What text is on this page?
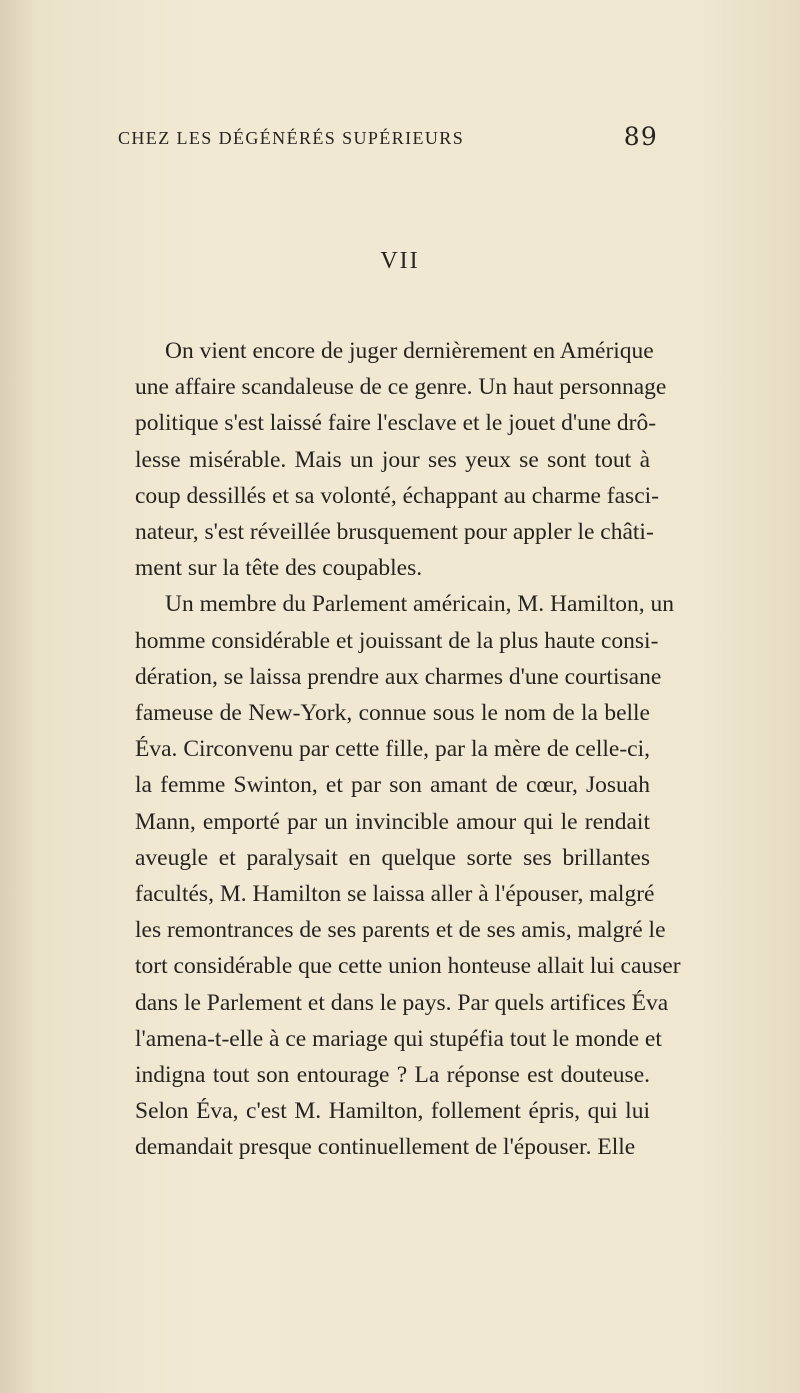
CHEZ LES DÉGÉNÉRÉS SUPÉRIEURS	89
VII
On vient encore de juger dernièrement en Amérique
une affaire scandaleuse de ce genre. Un haut personnage
politique s'est laissé faire l'esclave et le jouet d'une drô-
lesse misérable. Mais un jour ses yeux se sont tout à
coup dessillés et sa volonté, échappant au charme fasci-
nateur, s'est réveillée brusquement pour appler le châti-
ment sur la tête des coupables.
Un membre du Parlement américain, M. Hamilton, un
homme considérable et jouissant de la plus haute consi-
dération, se laissa prendre aux charmes d'une courtisane
fameuse de New-York, connue sous le nom de la belle
Éva. Circonvenu par cette fille, par la mère de celle-ci,
la femme Swinton, et par son amant de cœur, Josuah
Mann, emporté par un invincible amour qui le rendait
aveugle et paralysait en quelque sorte ses brillantes
facultés, M. Hamilton se laissa aller à l'épouser, malgré
les remontrances de ses parents et de ses amis, malgré le
tort considérable que cette union honteuse allait lui causer
dans le Parlement et dans le pays. Par quels artifices Éva
l'amena-t-elle à ce mariage qui stupéfia tout le monde et
indigna tout son entourage ? La réponse est douteuse.
Selon Éva, c'est M. Hamilton, follement épris, qui lui
demandait presque continuellement de l'épouser. Elle
